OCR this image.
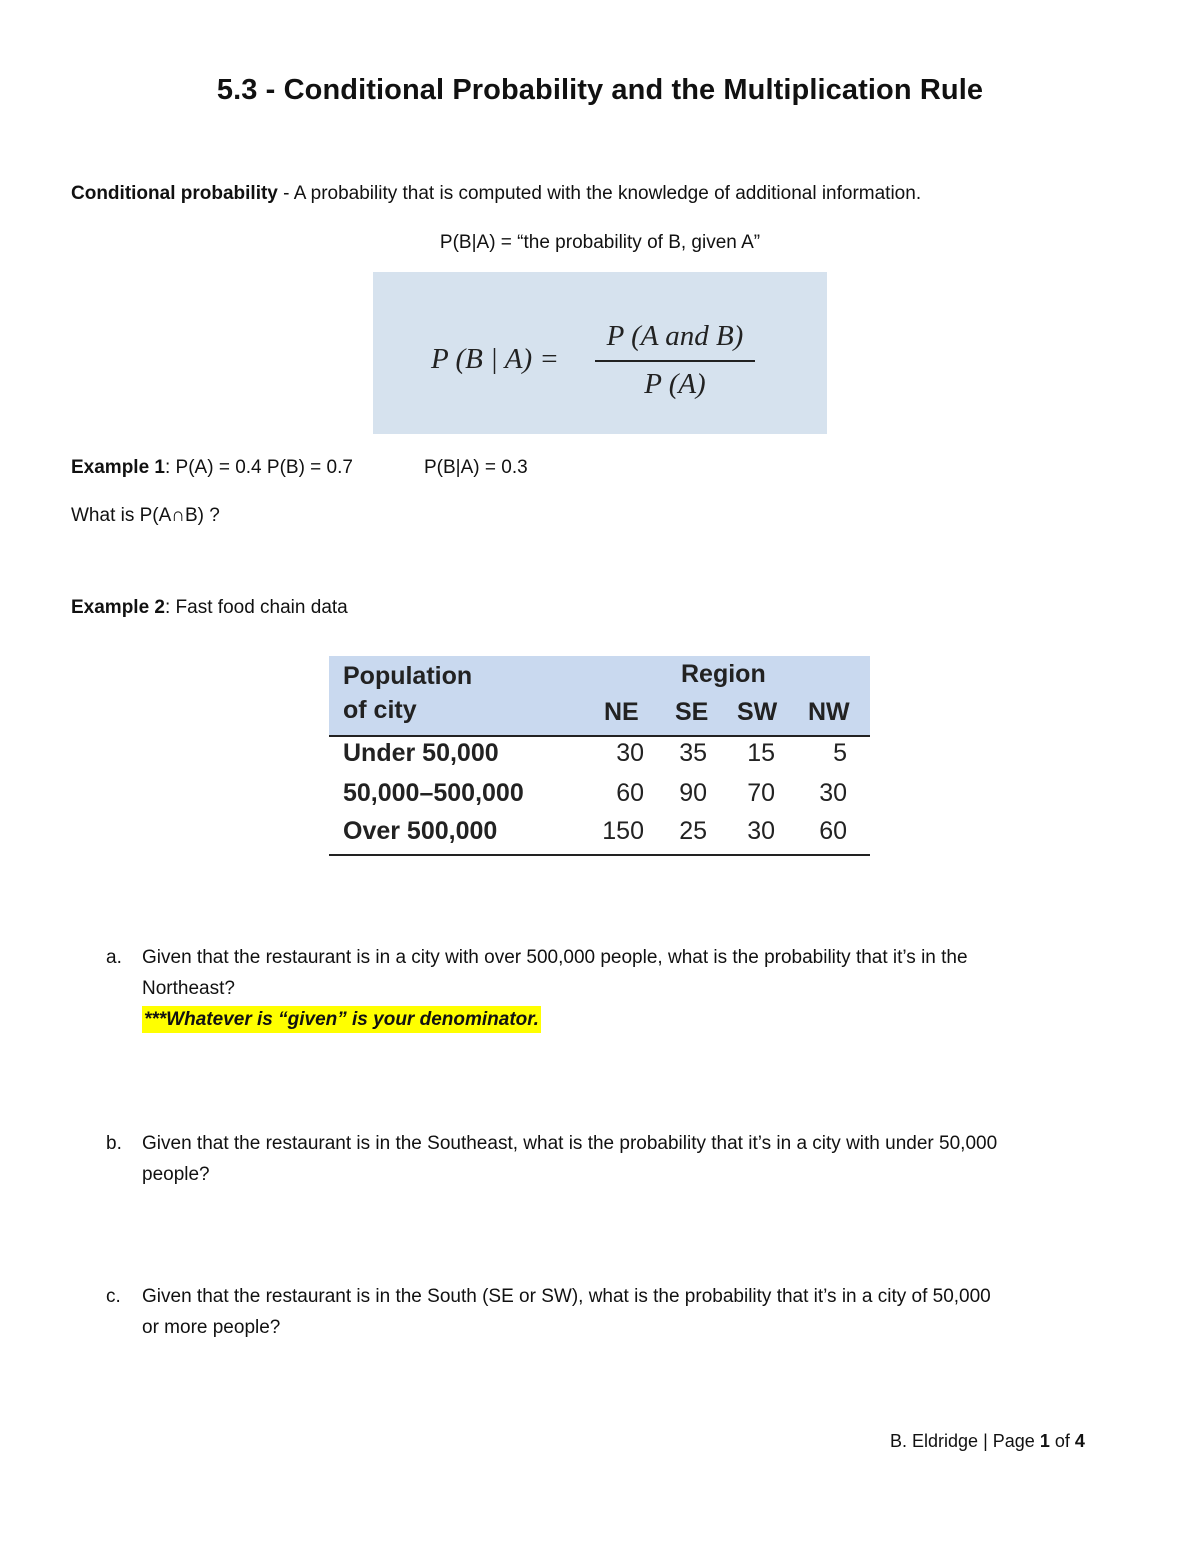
5.3 - Conditional Probability and the Multiplication Rule
Conditional probability - A probability that is computed with the knowledge of additional information.
P(B|A) = “the probability of B, given A”
P (B | A) =
P (A and B)
P (A)
Example 1: P(A) = 0.4 P(B) = 0.7	P(B|A) = 0.3
What is P(A∩B) ?
Example 2: Fast food chain data
Population
of city
Region
NE SE SW NW
Under 50,000	30	35	15	5
50,000–500,000	60	90	70	30
Over 500,000	150	25	30	60
a. Given that the restaurant is in a city with over 500,000 people, what is the probability that it’s in the
Northeast?
***Whatever is “given” is your denominator.
b. Given that the restaurant is in the Southeast, what is the probability that it’s in a city with under 50,000
people?
c. Given that the restaurant is in the South (SE or SW), what is the probability that it’s in a city of 50,000
or more people?
B. Eldridge | Page 1 of 4
